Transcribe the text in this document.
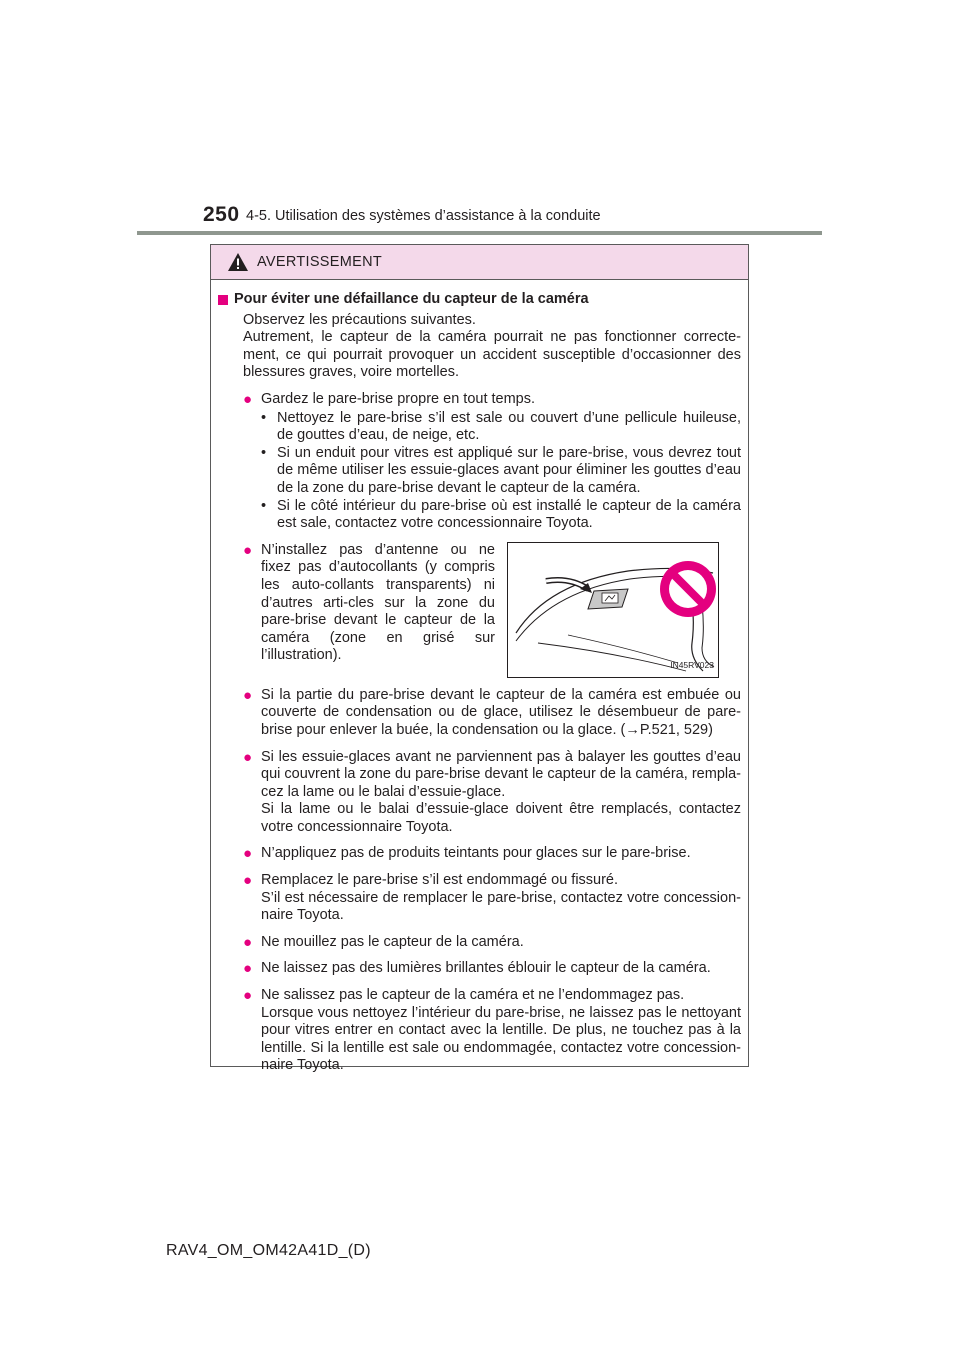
250 4-5. Utilisation des systèmes d’assistance à la conduite
AVERTISSEMENT
Pour éviter une défaillance du capteur de la caméra

Observez les précautions suivantes.

Autrement, le capteur de la caméra pourrait ne pas fonctionner correcte-ment, ce qui pourrait provoquer un accident susceptible d’occasionner des blessures graves, voire mortelles.

● Gardez le pare-brise propre en tout temps.

• Nettoyez le pare-brise s’il est sale ou couvert d’une pellicule huileuse, de gouttes d’eau, de neige, etc.
• Si un enduit pour vitres est appliqué sur le pare-brise, vous devrez tout de même utiliser les essuie-glaces avant pour éliminer les gouttes d’eau de la zone du pare-brise devant le capteur de la caméra.
• Si le côté intérieur du pare-brise où est installé le capteur de la caméra est sale, contactez votre concessionnaire Toyota.
● N’installez pas d’antenne ou ne fixez pas d’autocollants (y compris les auto-collants transparents) ni d’autres arti-cles sur la zone du pare-brise devant le capteur de la caméra (zone en grisé sur l’illustration).

IN45RV023
● Si la partie du pare-brise devant le capteur de la caméra est embuée ou couverte de condensation ou de glace, utilisez le désembueur de pare-brise pour enlever la buée, la condensation ou la glace. (→P.521, 529)

● Si les essuie-glaces avant ne parviennent pas à balayer les gouttes d’eau qui couvrent la zone du pare-brise devant le capteur de la caméra, rempla-cez la lame ou le balai d’essuie-glace.

Si la lame ou le balai d’essuie-glace doivent être remplacés, contactez votre concessionnaire Toyota.

● N’appliquez pas de produits teintants pour glaces sur le pare-brise.

● Remplacez le pare-brise s’il est endommagé ou fissuré.

S’il est nécessaire de remplacer le pare-brise, contactez votre concession-naire Toyota.

● Ne mouillez pas le capteur de la caméra.

● Ne laissez pas des lumières brillantes éblouir le capteur de la caméra.

● Ne salissez pas le capteur de la caméra et ne l’endommagez pas.

Lorsque vous nettoyez l’intérieur du pare-brise, ne laissez pas le nettoyant pour vitres entrer en contact avec la lentille. De plus, ne touchez pas à la lentille. Si la lentille est sale ou endommagée, contactez votre concession-naire Toyota.

RAV4_OM_OM42A41D_(D)
